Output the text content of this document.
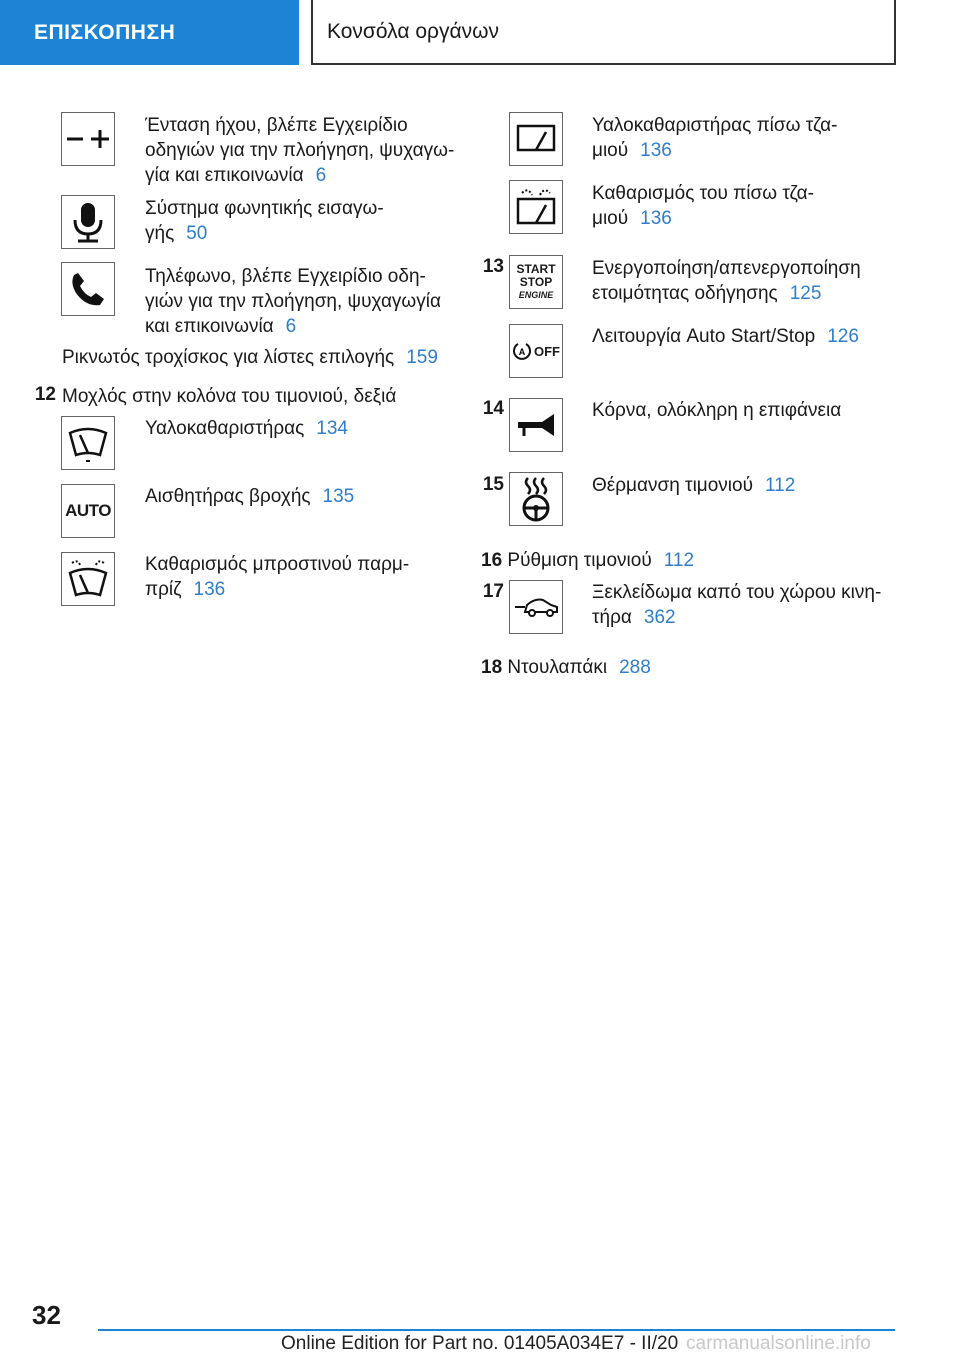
ΕΠΙΣΚΟΠΗΣΗ	Κονσόλα οργάνων
Ένταση ήχου, βλέπε Εγχειρίδιο
οδηγιών για την πλοήγηση, ψυχαγω-
γία και επικοινωνία 6
Σύστημα φωνητικής εισαγω-
γής 50
Τηλέφωνο, βλέπε Εγχειρίδιο οδη-
γιών για την πλοήγηση, ψυχαγωγία
και επικοινωνία 6
Ρικνωτός τροχίσκος για λίστες επιλογής 159
12 Μοχλός στην κολόνα του τιμονιού, δεξιά
Υαλοκαθαριστήρας 134
AUTO
Αισθητήρας βροχής 135
Καθαρισμός μπροστινού παρμ-
πρίζ 136
Υαλοκαθαριστήρας πίσω τζα-
μιού 136
Καθαρισμός του πίσω τζα-
μιού 136
13 START
STOP
ENGINE
Ενεργοποίηση/απενεργοποίηση
ετοιμότητας οδήγησης 125
A OFF
Λειτουργία Auto Start/Stop 126
14	Κόρνα, ολόκληρη η επιφάνεια
15	Θέρμανση τιμονιού 112
16 Ρύθμιση τιμονιού 112
17	Ξεκλείδωμα καπό του χώρου κινη-
τήρα 362
18 Ντουλαπάκι 288
32
Online Edition for Part no. 01405A034E7 - II/20 carmanualsonline.info
